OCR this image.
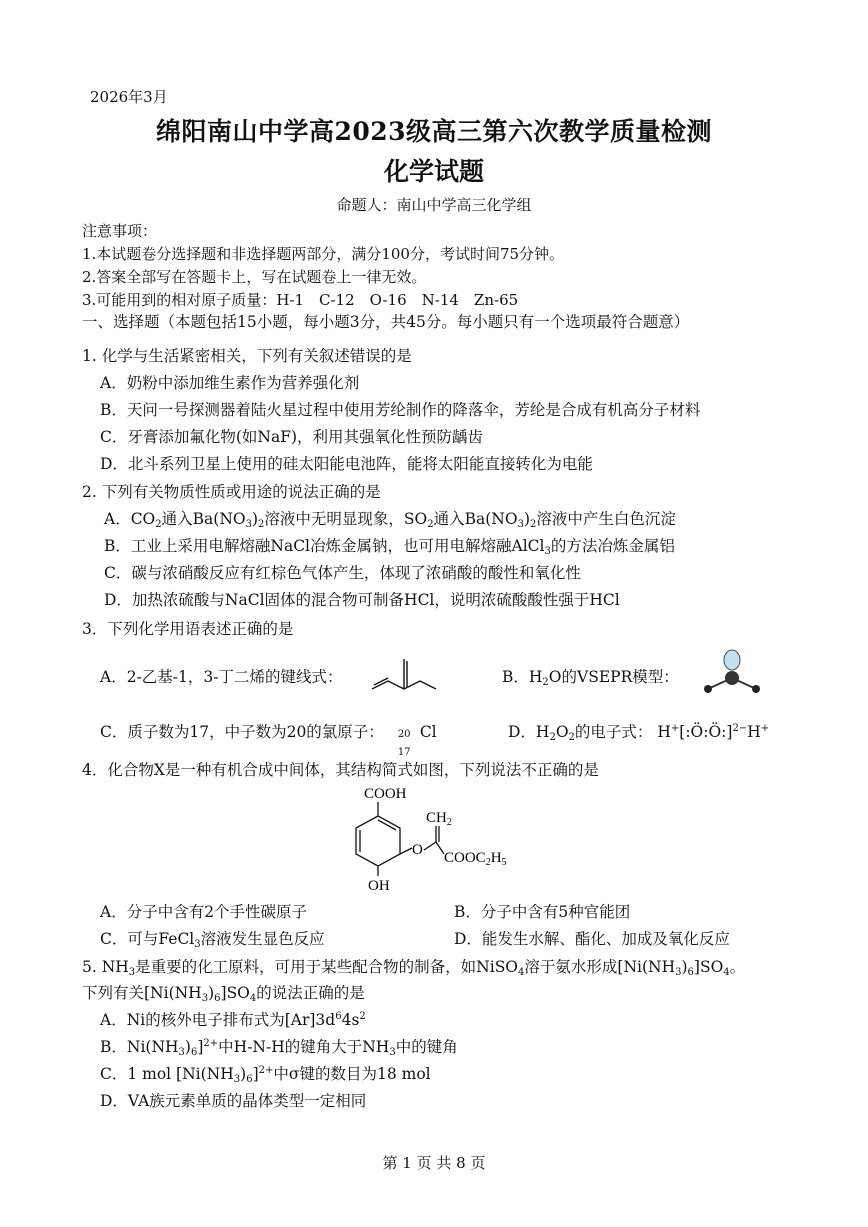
2026年3月
绵阳南山中学高2023级高三第六次教学质量检测
化学试题
命题人：南山中学高三化学组
注意事项：
1.本试题卷分选择题和非选择题两部分，满分100分，考试时间75分钟。
2.答案全部写在答题卡上，写在试题卷上一律无效。
3.可能用到的相对原子质量：H-1　C-12　O-16　N-14　Zn-65
一、选择题（本题包括15小题，每小题3分，共45分。每小题只有一个选项最符合题意）
1. 化学与生活紧密相关，下列有关叙述错误的是
A．奶粉中添加维生素作为营养强化剂
B．天问一号探测器着陆火星过程中使用芳纶制作的降落伞，芳纶是合成有机高分子材料
C．牙膏添加氟化物(如NaF)，利用其强氧化性预防龋齿
D．北斗系列卫星上使用的硅太阳能电池阵，能将太阳能直接转化为电能
2. 下列有关物质性质或用途的说法正确的是
A．$CO_2$通入$Ba(NO_3)_2$溶液中无明显现象，$SO_2$通入$Ba(NO_3)_2$溶液中产生白色沉淀
B．工业上采用电解熔融NaCl冶炼金属钠，也可用电解熔融AlCl$_3$的方法冶炼金属铝
C．碳与浓硝酸反应有红棕色气体产生，体现了浓硝酸的酸性和氧化性
D．加热浓硫酸与NaCl固体的混合物可制备HCl，说明浓硫酸酸性强于HCl
3．下列化学用语表述正确的是
A．2-乙基-1，3-丁二烯的键线式：	B．$H_2O$的VSEPR模型：
C．质子数为17，中子数为20的氯原子： 20
17
Cl	D．$H_2O_2$的电子式： H+[:Ö:Ö:]$^{2-}$H+
4．化合物X是一种有机合成中间体，其结构简式如图，下列说法不正确的是
COOH
O
$CH_2$
$COOC_2H_5$
OH
A．分子中含有2个手性碳原子	B．分子中含有5种官能团
C．可与FeCl$_3$溶液发生显色反应	D．能发生水解、酯化、加成及氧化反应
5. $NH_3$是重要的化工原料，可用于某些配合物的制备，如NiSO$_4$溶于氨水形成$[Ni(NH_3)_6]SO_4$。
下列有关$[Ni(NH_3)_6]SO_4$的说法正确的是
A．Ni的核外电子排布式为$[Ar]3d^64s^2$
B．$Ni(NH_3)_6]^{2+}$中H-N-H的键角大于$NH_3$中的键角
C．1 mol $[Ni(NH_3)_6]^{2+}$中σ键的数目为18 mol
D．VA族元素单质的晶体类型一定相同
第 1 页 共 8 页
